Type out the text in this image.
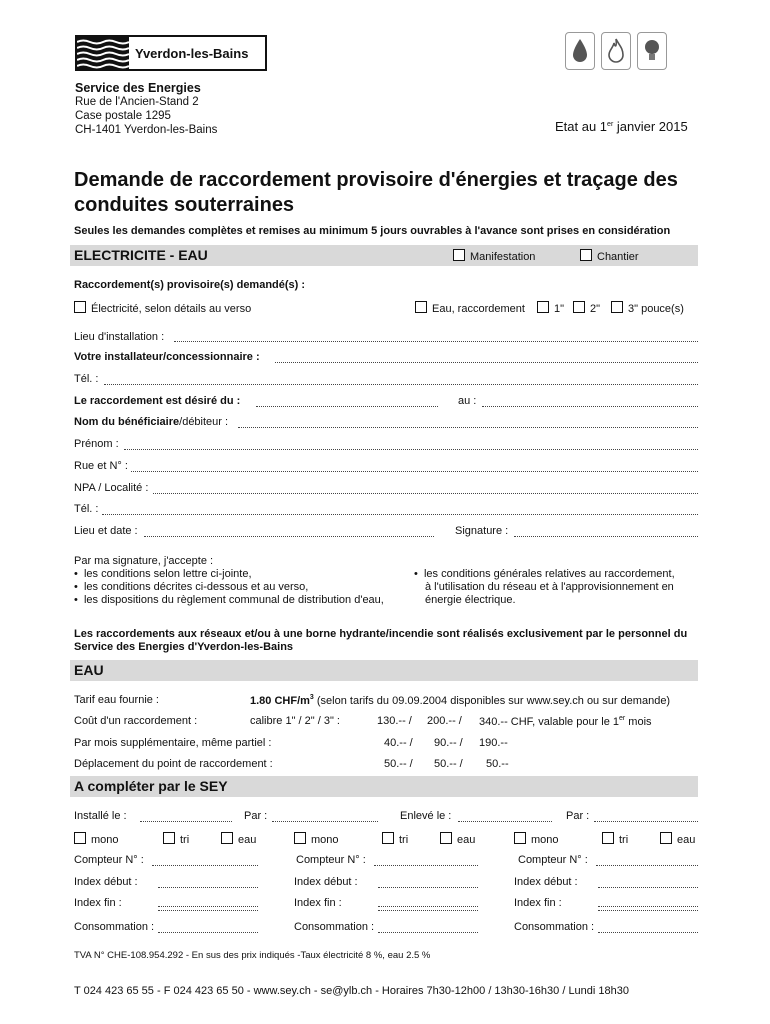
Yverdon-les-Bains
Service des Energies
Rue de l'Ancien-Stand 2
Case postale 1295
CH-1401 Yverdon-les-Bains	Etat au 1er janvier 2015
Demande de raccordement provisoire d'énergies et traçage des conduites souterraines
Seules les demandes complètes et remises au minimum 5 jours ouvrables à l'avance sont prises en considération
ELECTRICITE - EAU	Manifestation	Chantier
Raccordement(s) provisoire(s) demandé(s) :
Électricité, selon détails au verso	Eau, raccordement	1"	2"	3" pouce(s)
Lieu d'installation :
Votre installateur/concessionnaire :
Tél. :
Le raccordement est désiré du :	au :
Nom du bénéficiaire/débiteur :
Prénom :
Rue et N° :
NPA / Localité :
Tél. :
Lieu et date :	Signature :
Par ma signature, j'accepte :
•  les conditions selon lettre ci-jointe,
•  les conditions décrites ci-dessous et au verso,
•  les dispositions du règlement communal de distribution d'eau,
•  les conditions générales relatives au raccordement,
à l'utilisation du réseau et à l'approvisionnement en
énergie électrique.
Les raccordements aux réseaux et/ou à une borne hydrante/incendie sont réalisés exclusivement par le personnel du Service des Energies d'Yverdon-les-Bains
EAU
Tarif eau fournie :	1.80 CHF/$m^3$ (selon tarifs du 09.09.2004 disponibles sur www.sey.ch ou sur demande)
Coût d'un raccordement :	calibre 1" / 2" / 3" :	130.-- / 200.-- / 340.-- CHF, valable pour le 1er mois
Par mois supplémentaire, même partiel :	40.-- / 90.-- / 190.--
Déplacement du point de raccordement :	50.-- / 50.-- / 50.--
A compléter par le SEY
Installé le :	Par :	Enlevé le :	Par :
mono	tri	eau	mono	tri	eau	mono	tri	eau
Compteur N° :	Compteur N° :	Compteur N° :
Index début :	Index début :	Index début :
Index fin :	Index fin :	Index fin :
Consommation :	Consommation :	Consommation :
TVA N° CHE-108.954.292 - En sus des prix indiqués -Taux électricité 8 %, eau 2.5 %
T 024 423 65 55 - F 024 423 65 50 - www.sey.ch - se@ylb.ch - Horaires 7h30-12h00 / 13h30-16h30 / Lundi 18h30
